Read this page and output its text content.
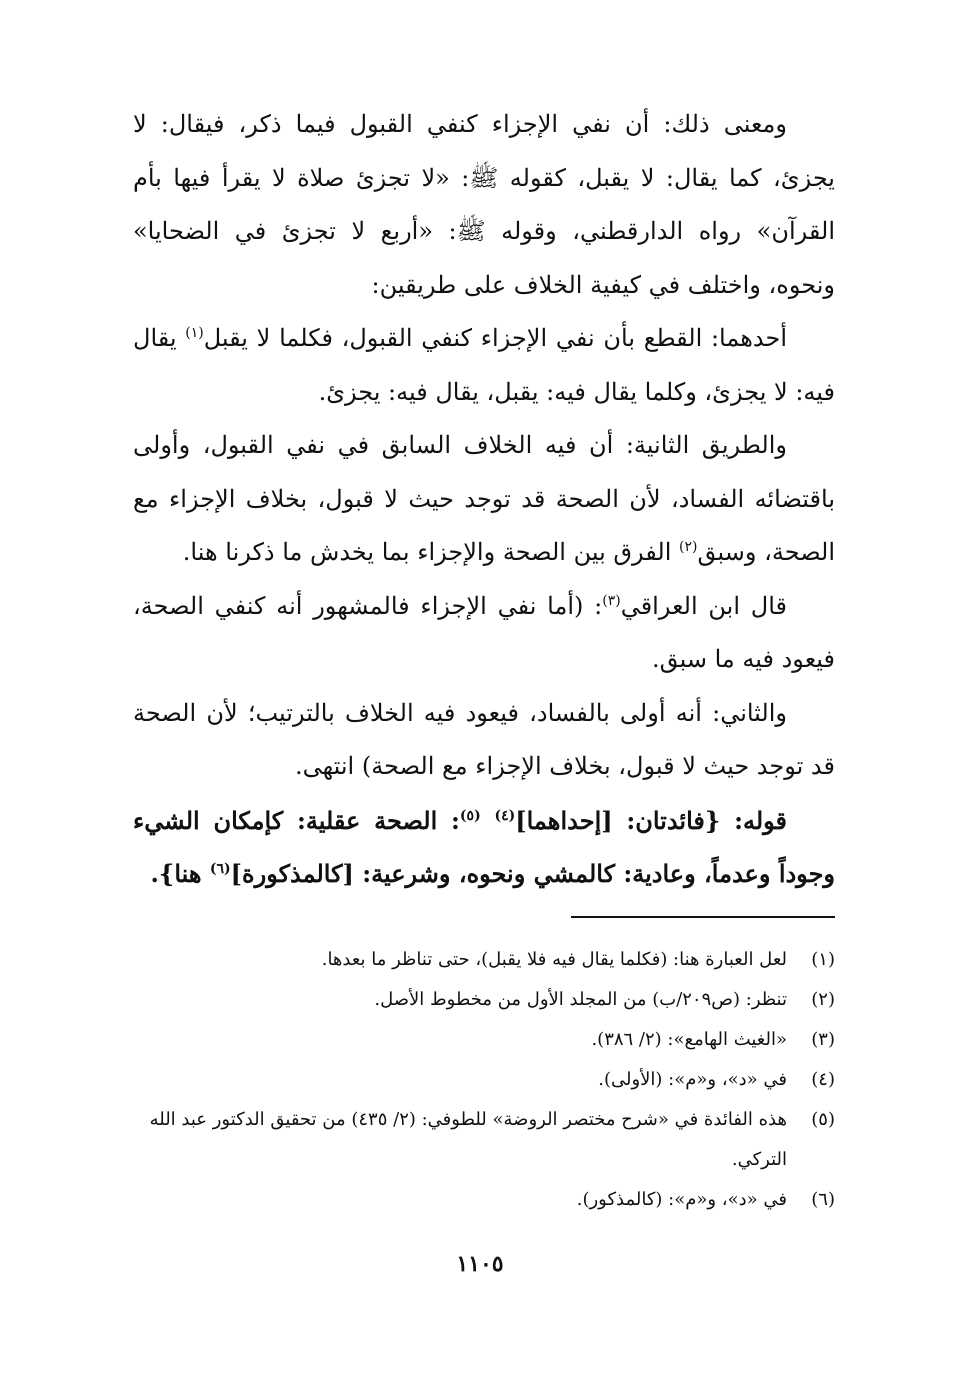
ومعنى ذلك: أن نفي الإجزاء كنفي القبول فيما ذكر، فيقال: لا يجزئ، كما يقال: لا يقبل، كقوله ﷺ: «لا تجزئ صلاة لا يقرأ فيها بأم القرآن» رواه الدارقطني، وقوله ﷺ: «أربع لا تجزئ في الضحايا» ونحوه، واختلف في كيفية الخلاف على طريقين:

أحدهما: القطع بأن نفي الإجزاء كنفي القبول، فكلما لا يقبل$^{(١)}$ يقال فيه: لا يجزئ، وكلما يقال فيه: يقبل، يقال فيه: يجزئ.

والطريق الثانية: أن فيه الخلاف السابق في نفي القبول، وأولى باقتضائه الفساد، لأن الصحة قد توجد حيث لا قبول، بخلاف الإجزاء مع الصحة، وسبق$^{(٢)}$ الفرق بين الصحة والإجزاء بما يخدش ما ذكرنا هنا.

قال ابن العراقي$^{(٣)}$: (أما نفي الإجزاء فالمشهور أنه كنفي الصحة، فيعود فيه ما سبق.

والثاني: أنه أولى بالفساد، فيعود فيه الخلاف بالترتيب؛ لأن الصحة قد توجد حيث لا قبول، بخلاف الإجزاء مع الصحة) انتهى.

قوله: {فائدتان: [إحداهما]$^{(٤)}$ $^{(٥)}$: الصحة عقلية: كإمكان الشيء وجوداً وعدماً، وعادية: كالمشي ونحوه، وشرعية: [كالمذكورة]$^{(٦)}$ هنا}.

(١)
لعل العبارة هنا: (فكلما يقال فيه فلا يقبل)، حتى تناظر ما بعدها.
(٢)
تنظر: (ص٢٠٩/ب) من المجلد الأول من مخطوط الأصل.
(٣)
«الغيث الهامع»: (٢/ ٣٨٦).
(٤)
في «د»، و«م»: (الأولى).
(٥)
هذه الفائدة في «شرح مختصر الروضة» للطوفي: (٢/ ٤٣٥) من تحقيق الدكتور عبد الله التركي.
(٦)
في «د»، و«م»: (كالمذكور).
١١٠٥
